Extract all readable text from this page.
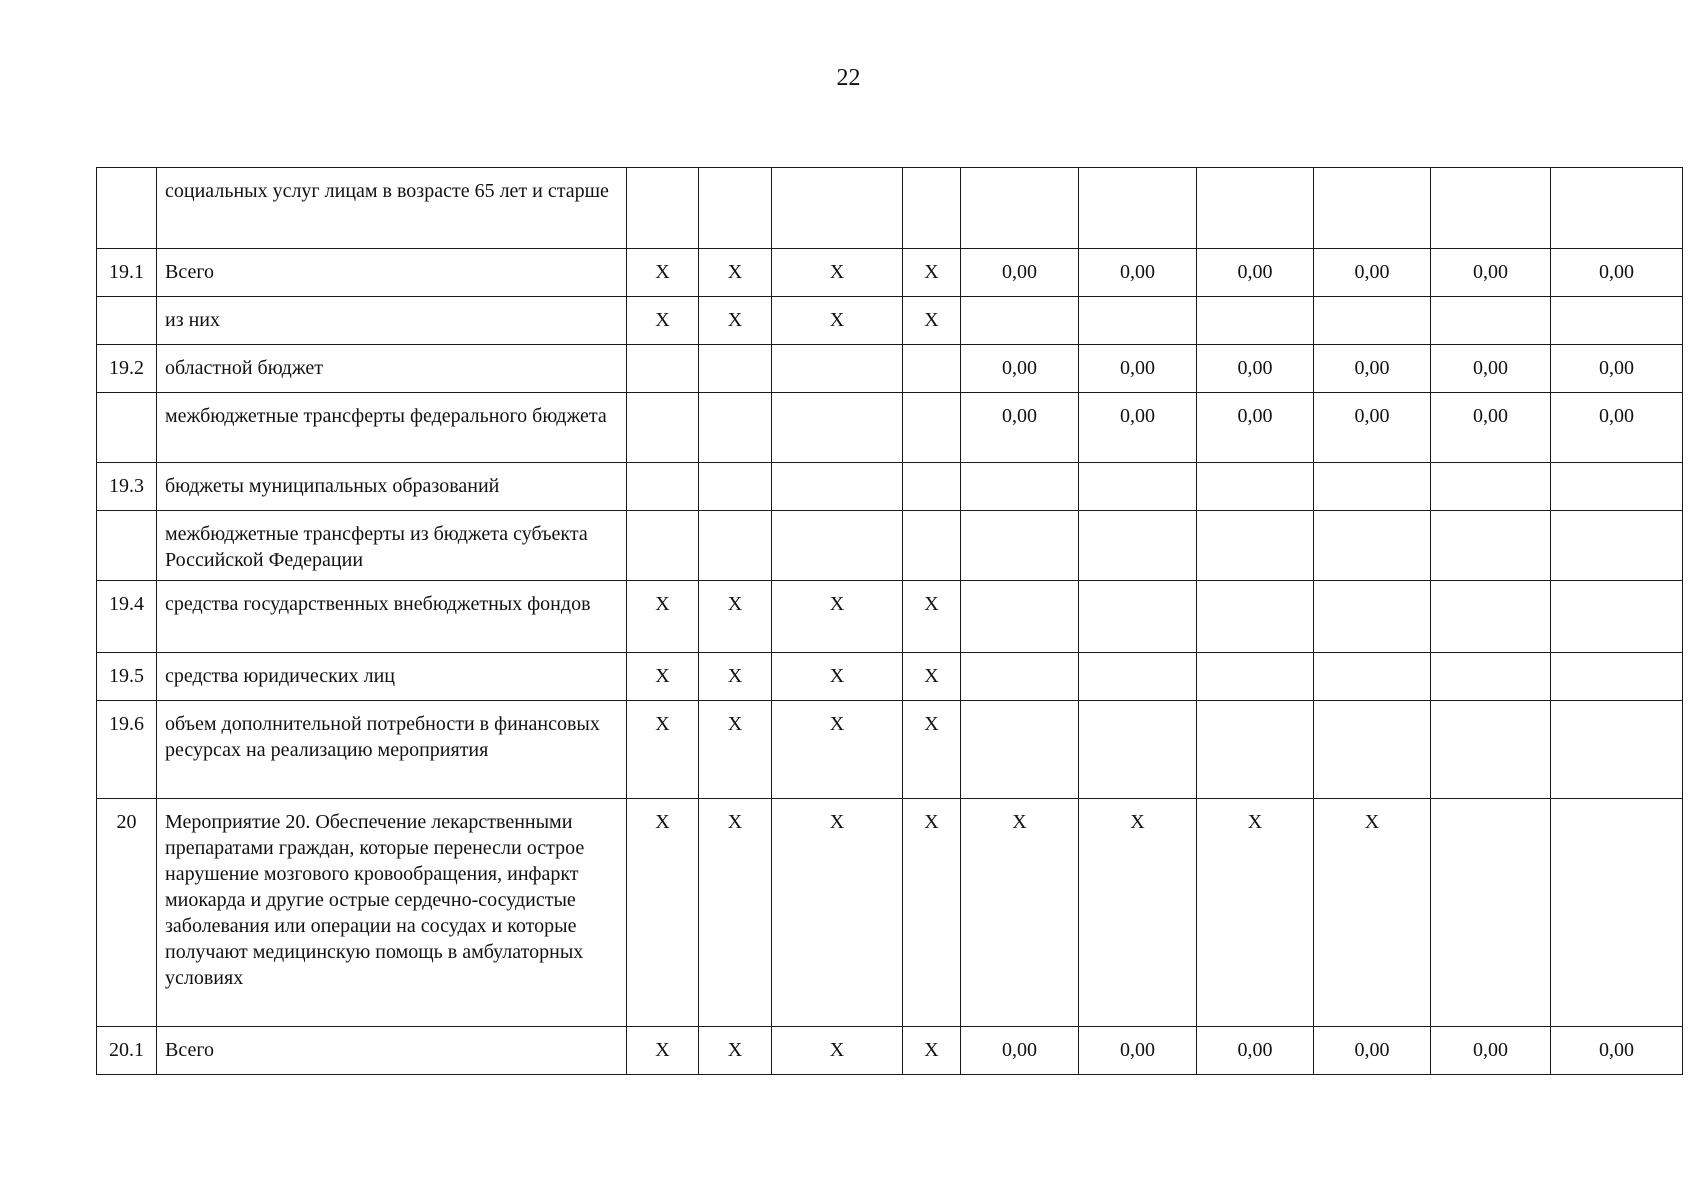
22
	социальных услуг лицам в возрасте 65 лет и старше										
19.1	Всего	Х	Х	Х	Х	0,00	0,00	0,00	0,00	0,00	0,00
	из них	Х	Х	Х	Х						
19.2	областной бюджет					0,00	0,00	0,00	0,00	0,00	0,00
	межбюджетные трансферты федерального бюджета					0,00	0,00	0,00	0,00	0,00	0,00
19.3	бюджеты муниципальных образований										
	межбюджетные трансферты из бюджета субъекта Российской Федерации										
19.4	средства государственных внебюджетных фондов	Х	Х	Х	Х						
19.5	средства юридических лиц	Х	Х	Х	Х						
19.6	объем дополнительной потребности в финансовых ресурсах на реализацию мероприятия	Х	Х	Х	Х						
20	Мероприятие 20. Обеспечение лекарственными препаратами граждан, которые перенесли острое нарушение мозгового кровообращения, инфаркт миокарда и другие острые сердечно-сосудистые заболевания или операции на сосудах и которые получают медицинскую помощь в амбулаторных условиях	Х	Х	Х	Х	Х	Х	Х	Х		
20.1	Всего	Х	Х	Х	Х	0,00	0,00	0,00	0,00	0,00	0,00
